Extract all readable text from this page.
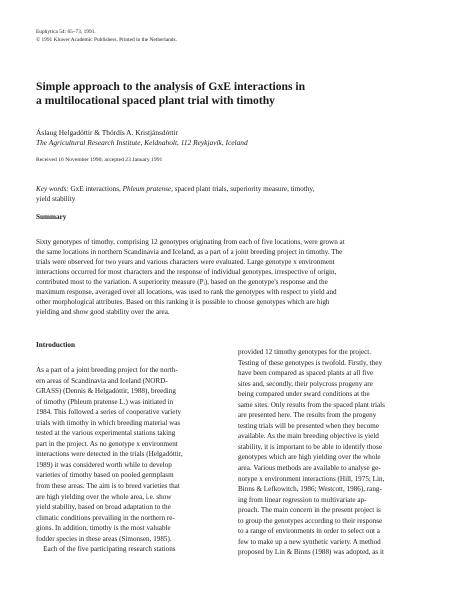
Euphytica 54: 65–73, 1991.
© 1991 Kluwer Academic Publishers. Printed in the Netherlands.
Simple approach to the analysis of GxE interactions in
a multilocational spaced plant trial with timothy
Áslaug Helgadóttir & Thórdís A. Kristjánsdóttir
The Agricultural Research Institute, Keldnaholt, 112 Reykjavík, Iceland
Received 16 November 1990; accepted 23 January 1991
Key words: GxE interactions, Phleum pratense, spaced plant trials, superiority measure, timothy,
yield stability
Summary
Sixty genotypes of timothy, comprising 12 genotypes originating from each of five locations, were grown at
the same locations in northern Scandinavia and Iceland, as a part of a joint breeding project in timothy. The
trials were observed for two years and various characters were evaluated. Large genotype x environment
interactions occurred for most characters and the response of individual genotypes, irrespective of origin,
contributed most to the variation. A superiority measure (Pᵢ), based on the genotype's response and the
maximum response, averaged over all locations, was used to rank the genotypes with respect to yield and
other morphological attributes. Based on this ranking it is possible to choose genotypes which are high
yielding and show good stability over the area.
Introduction
As a part of a joint breeding project for the north-
ern areas of Scandinavia and Iceland (NORD-
GRASS) (Dennis & Helgadóttir, 1988), breeding
of timothy (Phleum pratense L.) was initiated in
1984. This followed a series of cooperative variety
trials with timothy in which breeding material was
tested at the various experimental stations taking
part in the project. As no genotype x environment
interactions were detected in the trials (Helgadóttir,
1989) it was considered worth while to develop
varieties of timothy based on pooled germplasm
from these areas. The aim is to breed varieties that
are high yielding over the whole area, i.e. show
yield stability, based on broad adaptation to the
climatic conditions prevailing in the northern re-
gions. In addition, timothy is the most valuable
fodder species in these areas (Simonsen, 1985).
Each of the five participating research stations
provided 12 timothy genotypes for the project.
Testing of these genotypes is twofold. Firstly, they
have been compared as spaced plants at all five
sites and, secondly, their polycross progeny are
being compared under sward conditions at the
same sites. Only results from the spaced plant trials
are presented here. The results from the progeny
testing trials will be presented when they become
available. As the main breeding objective is yield
stability, it is important to be able to identify those
genotypes which are high yielding over the whole
area. Various methods are available to analyse ge-
notype x environment interactions (Hill, 1975; Lin,
Binns & Lefkowitch, 1986; Westcott, 1986), rang-
ing from linear regression to multivariate ap-
proach. The main concern in the present project is
to group the genotypes according to their response
to a range of environments in order to select out a
few to make up a new synthetic variety. A method
proposed by Lin & Binns (1988) was adopted, as it
